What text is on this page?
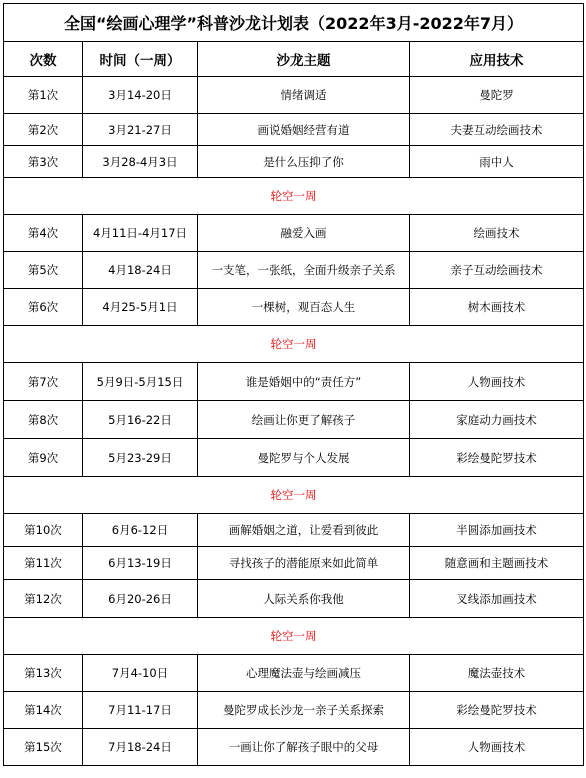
全国“绘画心理学”科普沙龙计划表（2022年3月-2022年7月）			
次数	时间（一周）	沙龙主题	应用技术
第1次	3月14-20日	情绪调适	曼陀罗
第2次	3月21-27日	画说婚姻经营有道	夫妻互动绘画技术
第3次	3月28-4月3日	是什么压抑了你	雨中人
轮空一周			
第4次	4月11日-4月17日	融爱入画	绘画技术
第5次	4月18-24日	一支笔，一张纸，全面升级亲子关系	亲子互动绘画技术
第6次	4月25-5月1日	一棵树，观百态人生	树木画技术
轮空一周			
第7次	5月9日-5月15日	谁是婚姻中的“责任方”	人物画技术
第8次	5月16-22日	绘画让你更了解孩子	家庭动力画技术
第9次	5月23-29日	曼陀罗与个人发展	彩绘曼陀罗技术
轮空一周			
第10次	6月6-12日	画解婚姻之道，让爱看到彼此	半圆添加画技术
第11次	6月13-19日	寻找孩子的潜能原来如此简单	随意画和主题画技术
第12次	6月20-26日	人际关系你我他	叉线添加画技术
轮空一周			
第13次	7月4-10日	心理魔法壶与绘画减压	魔法壶技术
第14次	7月11-17日	曼陀罗成长沙龙一亲子关系探索	彩绘曼陀罗技术
第15次	7月18-24日	一画让你了解孩子眼中的父母	人物画技术
